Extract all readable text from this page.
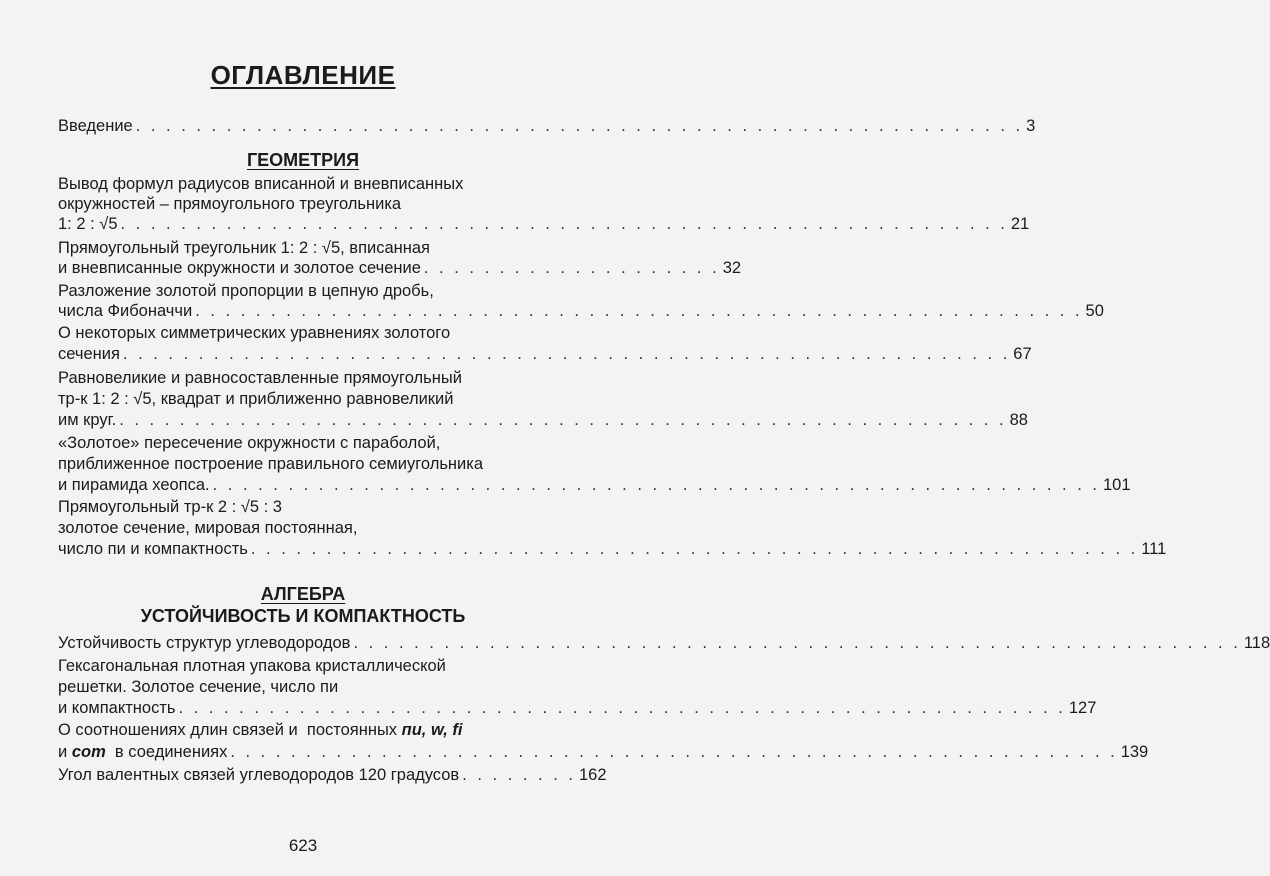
ОГЛАВЛЕНИЕ
Введение . . . . . . . . . . . . . . . . . . . . . . . . . . . . . . . . . . . . . . . . . . . . . . . . . . . . . . . . . . . 3
ГЕОМЕТРИЯ
Вывод формул радиусов вписанной и вневписанных
окружностей – прямоугольного треугольника
1: 2 : √5 . . . . . . . . . . . . . . . . . . . . . . . . . . . . . . . . . . . . . . . . . . . . . . . . . . . . . . . . . . . 21
Прямоугольный треугольник 1: 2 : √5, вписанная
и вневписанные окружности и золотое сечение . . . . . . . . . . . . . . . . . . . . 32
Разложение золотой пропорции в цепную дробь,
числа Фибоначчи . . . . . . . . . . . . . . . . . . . . . . . . . . . . . . . . . . . . . . . . . . . . . . . . . . . . . . . . . . . 50
О некоторых симметрических уравнениях золотого
сечения . . . . . . . . . . . . . . . . . . . . . . . . . . . . . . . . . . . . . . . . . . . . . . . . . . . . . . . . . . . 67
Равновеликие и равносоставленные прямоугольный
тр-к 1: 2 : √5, квадрат и приближенно равновеликий
им круг. . . . . . . . . . . . . . . . . . . . . . . . . . . . . . . . . . . . . . . . . . . . . . . . . . . . . . . . . . . . 88
«Золотое» пересечение окружности с параболой,
приближенное построение правильного семиугольника
и пирамида хеопса. . . . . . . . . . . . . . . . . . . . . . . . . . . . . . . . . . . . . . . . . . . . . . . . . . . . . . . . . . . . 101
Прямоугольный тр-к 2 : √5 : 3
золотое сечение, мировая постоянная,
число пи и компактность . . . . . . . . . . . . . . . . . . . . . . . . . . . . . . . . . . . . . . . . . . . . . . . . . . . . . . . . . . . 111
АЛГЕБРА
УСТОЙЧИВОСТЬ И КОМПАКТНОСТЬ
Устойчивость структур углеводородов . . . . . . . . . . . . . . . . . . . . . . . . . . . . . . . . . . . . . . . . . . . . . . . . . . . . . . . . . . . 118
Гексагональная плотная упакова кристаллической
решетки. Золотое сечение, число пи
и компактность . . . . . . . . . . . . . . . . . . . . . . . . . . . . . . . . . . . . . . . . . . . . . . . . . . . . . . . . . . . 127
О соотношениях длин связей и  постоянных пи, w, fi
и com в соединениях . . . . . . . . . . . . . . . . . . . . . . . . . . . . . . . . . . . . . . . . . . . . . . . . . . . . . . . . . . . 139
Угол валентных связей углеводородов 120 градусов . . . . . . . . 162
623
